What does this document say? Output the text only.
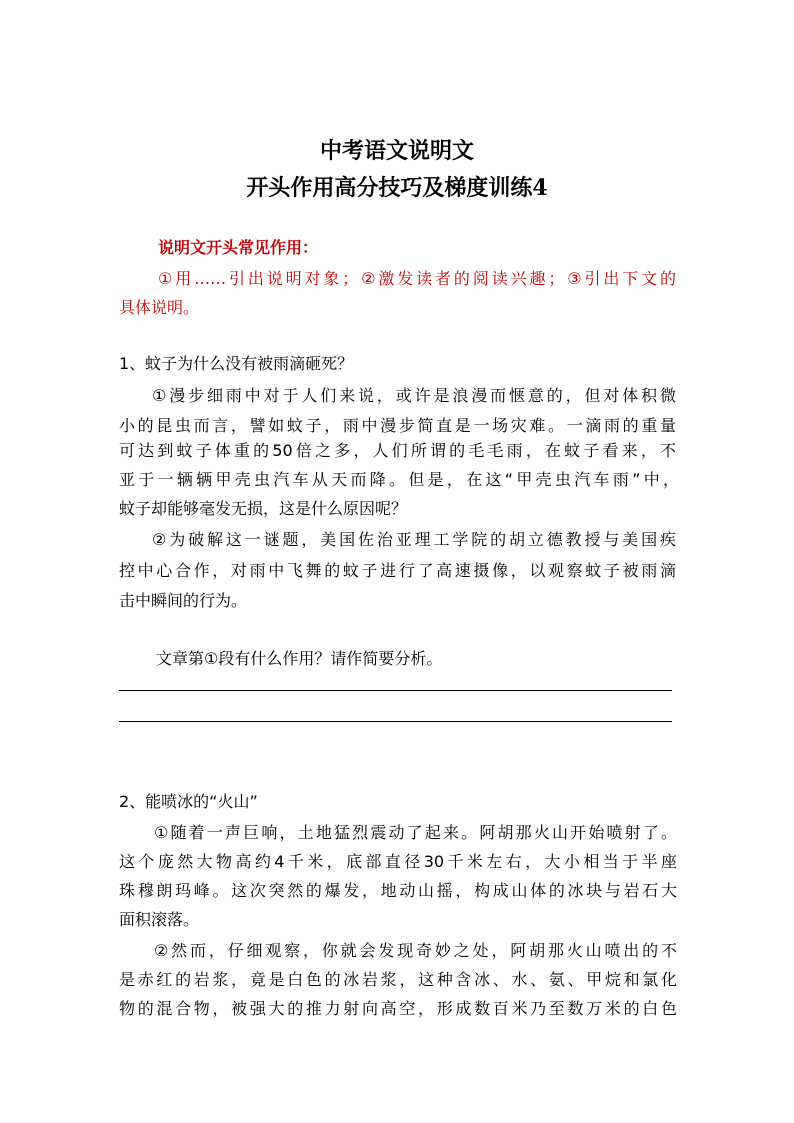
中考语文说明文
开头作用高分技巧及梯度训练4
说明文开头常见作用：
①用……引出说明对象；②激发读者的阅读兴趣；③引出下文的
具体说明。
1、蚊子为什么没有被雨滴砸死？
①漫步细雨中对于人们来说，或许是浪漫而惬意的，但对体积微
小的昆虫而言，譬如蚊子，雨中漫步简直是一场灾难。一滴雨的重量
可达到蚊子体重的50倍之多，人们所谓的毛毛雨，在蚊子看来，不
亚于一辆辆甲壳虫汽车从天而降。但是，在这“甲壳虫汽车雨”中，
蚊子却能够毫发无损，这是什么原因呢？
②为破解这一谜题，美国佐治亚理工学院的胡立德教授与美国疾
控中心合作，对雨中飞舞的蚊子进行了高速摄像，以观察蚊子被雨滴
击中瞬间的行为。
文章第①段有什么作用？请作简要分析。
2、能喷冰的“火山”
①随着一声巨响，土地猛烈震动了起来。阿胡那火山开始喷射了。
这个庞然大物高约4千米，底部直径30千米左右，大小相当于半座
珠穆朗玛峰。这次突然的爆发，地动山摇，构成山体的冰块与岩石大
面积滚落。
②然而，仔细观察，你就会发现奇妙之处，阿胡那火山喷出的不
是赤红的岩浆，竟是白色的冰岩浆，这种含冰、水、氨、甲烷和氯化
物的混合物，被强大的推力射向高空，形成数百米乃至数万米的白色
